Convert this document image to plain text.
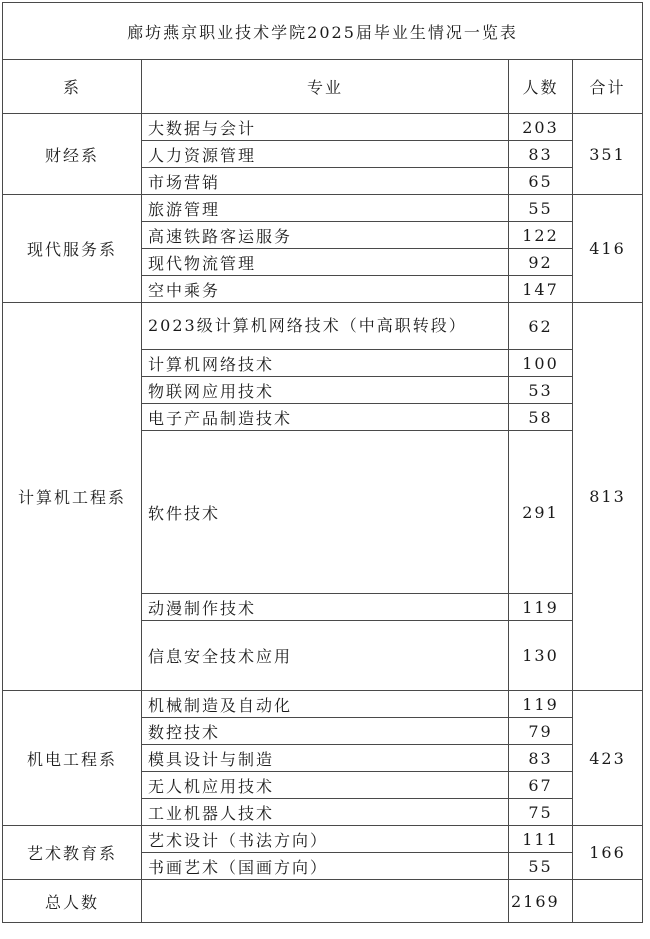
廊坊燕京职业技术学院2025届毕业生情况一览表			
系	专业	人数	合计
财经系	大数据与会计	203	351
	人力资源管理	83	
	市场营销	65	
现代服务系	旅游管理	55	416
	高速铁路客运服务	122	
	现代物流管理	92	
	空中乘务	147	
计算机工程系	2023级计算机网络技术（中高职转段）	62	813
	计算机网络技术	100	
	物联网应用技术	53	
	电子产品制造技术	58	
	软件技术	291	
	动漫制作技术	119	
	信息安全技术应用	130	
机电工程系	机械制造及自动化	119	423
	数控技术	79	
	模具设计与制造	83	
	无人机应用技术	67	
	工业机器人技术	75	
艺术教育系	艺术设计（书法方向）	111	166
	书画艺术（国画方向）	55	
总人数		2169	
